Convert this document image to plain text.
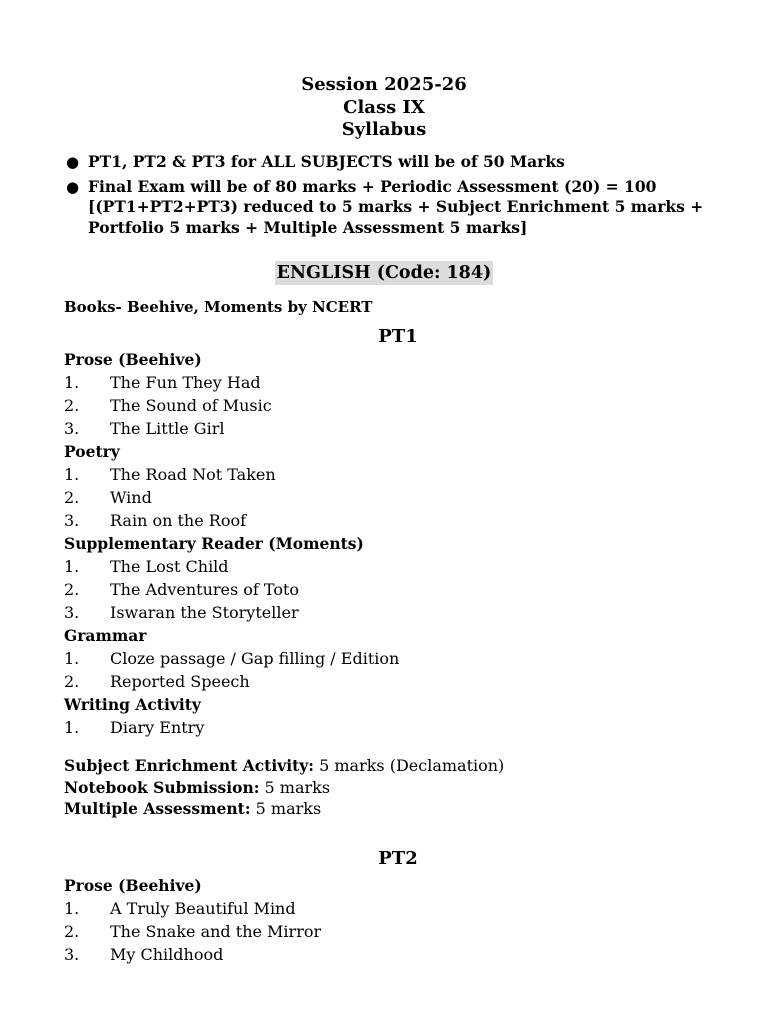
Session 2025-26
Class IX
Syllabus
● PT1, PT2 & PT3 for ALL SUBJECTS will be of 50 Marks
● Final Exam will be of 80 marks + Periodic Assessment (20) = 100 [(PT1+PT2+PT3) reduced to 5 marks + Subject Enrichment 5 marks + Portfolio 5 marks + Multiple Assessment 5 marks]
ENGLISH (Code: 184)
Books- Beehive, Moments by NCERT
PT1
Prose (Beehive)
1. The Fun They Had
2. The Sound of Music
3. The Little Girl
Poetry
1. The Road Not Taken
2. Wind
3. Rain on the Roof
Supplementary Reader (Moments)
1. The Lost Child
2. The Adventures of Toto
3. Iswaran the Storyteller
Grammar
1. Cloze passage / Gap filling / Edition
2. Reported Speech
Writing Activity
1. Diary Entry
Subject Enrichment Activity: 5 marks (Declamation)
Notebook Submission: 5 marks
Multiple Assessment: 5 marks
PT2
Prose (Beehive)
1. A Truly Beautiful Mind
2. The Snake and the Mirror
3. My Childhood
